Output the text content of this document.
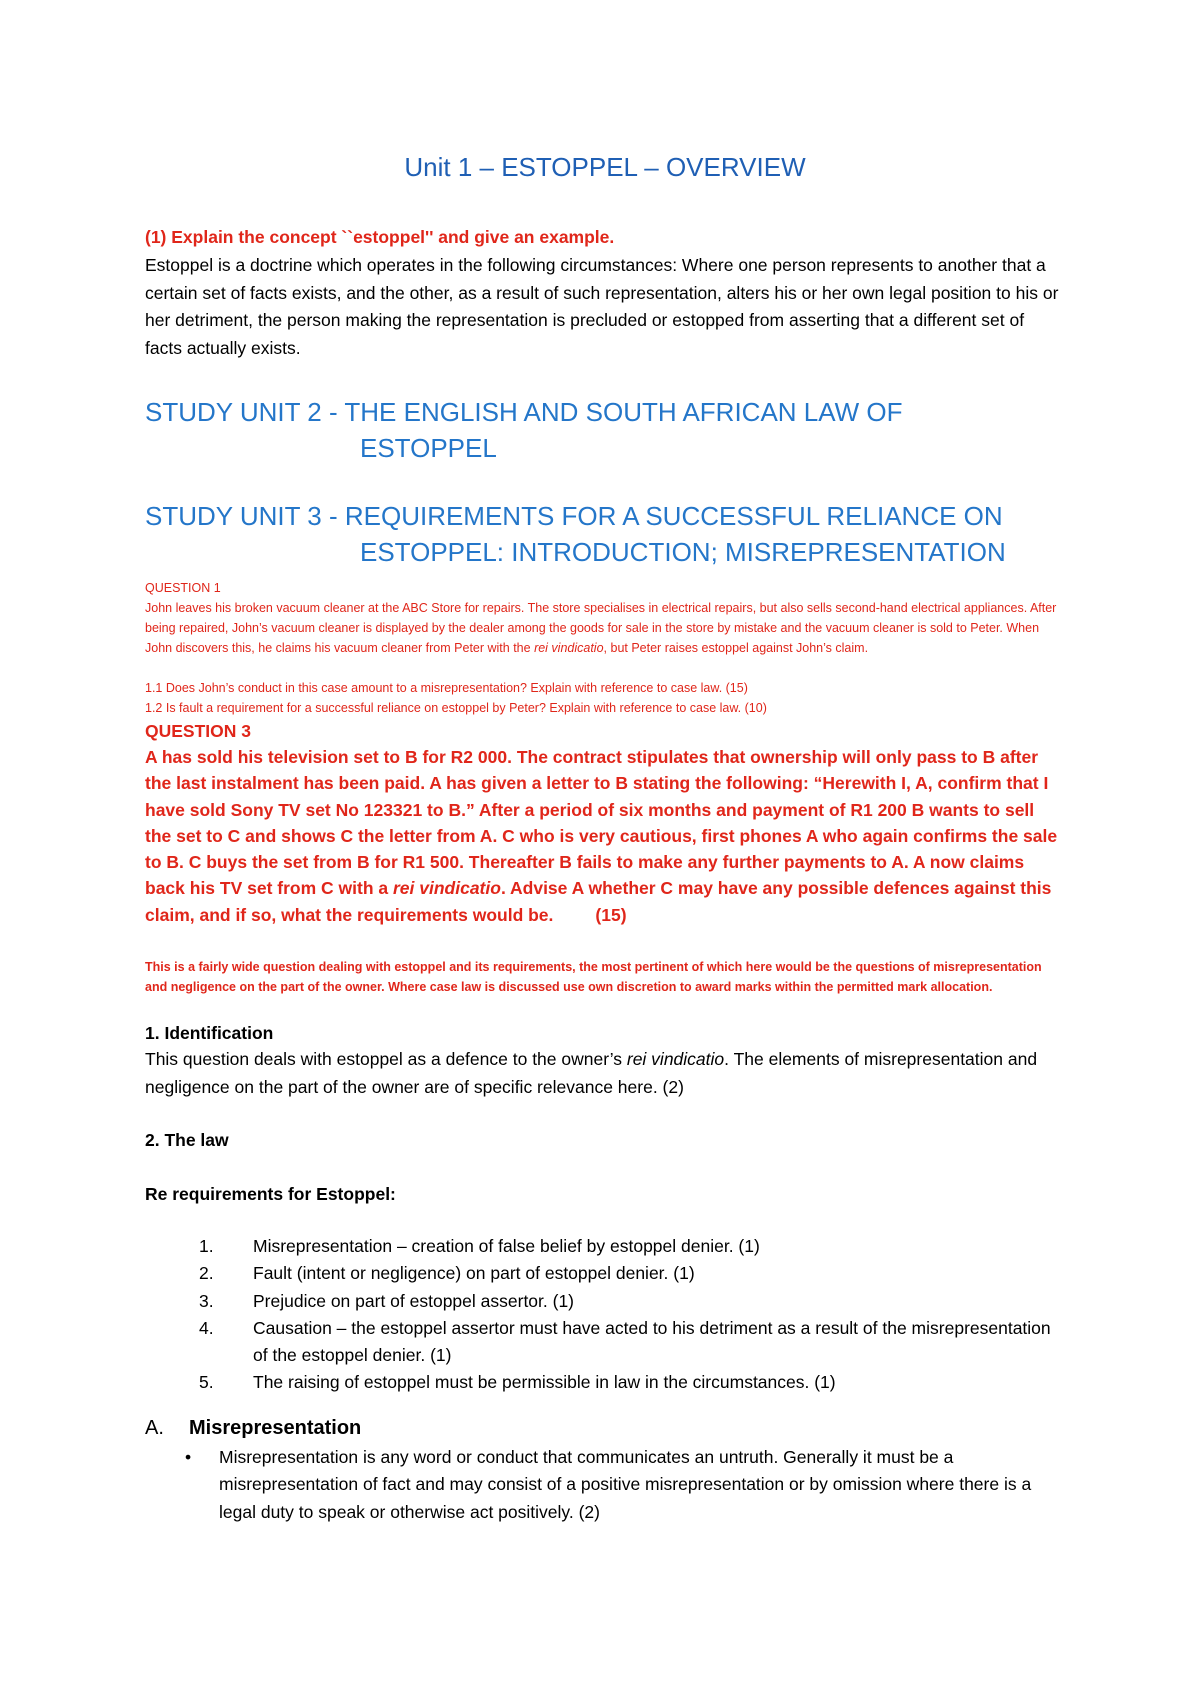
Unit 1 – ESTOPPEL – OVERVIEW
(1) Explain the concept ``estoppel'' and give an example.
Estoppel is a doctrine which operates in the following circumstances: Where one person represents to another that a certain set of facts exists, and the other, as a result of such representation, alters his or her own legal position to his or her detriment, the person making the representation is precluded or estopped from asserting that a different set of facts actually exists.
STUDY UNIT 2 - THE ENGLISH AND SOUTH AFRICAN LAW OF
ESTOPPEL
STUDY UNIT 3 - REQUIREMENTS FOR A SUCCESSFUL RELIANCE ON
ESTOPPEL: INTRODUCTION; MISREPRESENTATION
QUESTION 1
John leaves his broken vacuum cleaner at the ABC Store for repairs. The store specialises in electrical repairs, but also sells second-hand electrical appliances. After being repaired, John’s vacuum cleaner is displayed by the dealer among the goods for sale in the store by mistake and the vacuum cleaner is sold to Peter. When John discovers this, he claims his vacuum cleaner from Peter with the rei vindicatio, but Peter raises estoppel against John’s claim.
1.1 Does John’s conduct in this case amount to a misrepresentation? Explain with reference to case law. (15)
1.2 Is fault a requirement for a successful reliance on estoppel by Peter? Explain with reference to case law. (10)
QUESTION 3
A has sold his television set to B for R2 000. The contract stipulates that ownership will only pass to B after the last instalment has been paid. A has given a letter to B stating the following: “Herewith I, A, confirm that I have sold Sony TV set No 123321 to B.” After a period of six months and payment of R1 200 B wants to sell the set to C and shows C the letter from A. C who is very cautious, first phones A who again confirms the sale to B. C buys the set from B for R1 500. Thereafter B fails to make any further payments to A. A now claims back his TV set from C with a rei vindicatio. Advise A whether C may have any possible defences against this claim, and if so, what the requirements would be. (15)
This is a fairly wide question dealing with estoppel and its requirements, the most pertinent of which here would be the questions of misrepresentation and negligence on the part of the owner. Where case law is discussed use own discretion to award marks within the permitted mark allocation.
1. Identification
This question deals with estoppel as a defence to the owner’s rei vindicatio. The elements of misrepresentation and negligence on the part of the owner are of specific relevance here. (2)
2. The law
Re requirements for Estoppel:
1. Misrepresentation – creation of false belief by estoppel denier. (1)
2. Fault (intent or negligence) on part of estoppel denier. (1)
3. Prejudice on part of estoppel assertor. (1)
4. Causation – the estoppel assertor must have acted to his detriment as a result of the misrepresentation of the estoppel denier. (1)
5. The raising of estoppel must be permissible in law in the circumstances. (1)
A. Misrepresentation
• Misrepresentation is any word or conduct that communicates an untruth. Generally it must be a misrepresentation of fact and may consist of a positive misrepresentation or by omission where there is a legal duty to speak or otherwise act positively. (2)
